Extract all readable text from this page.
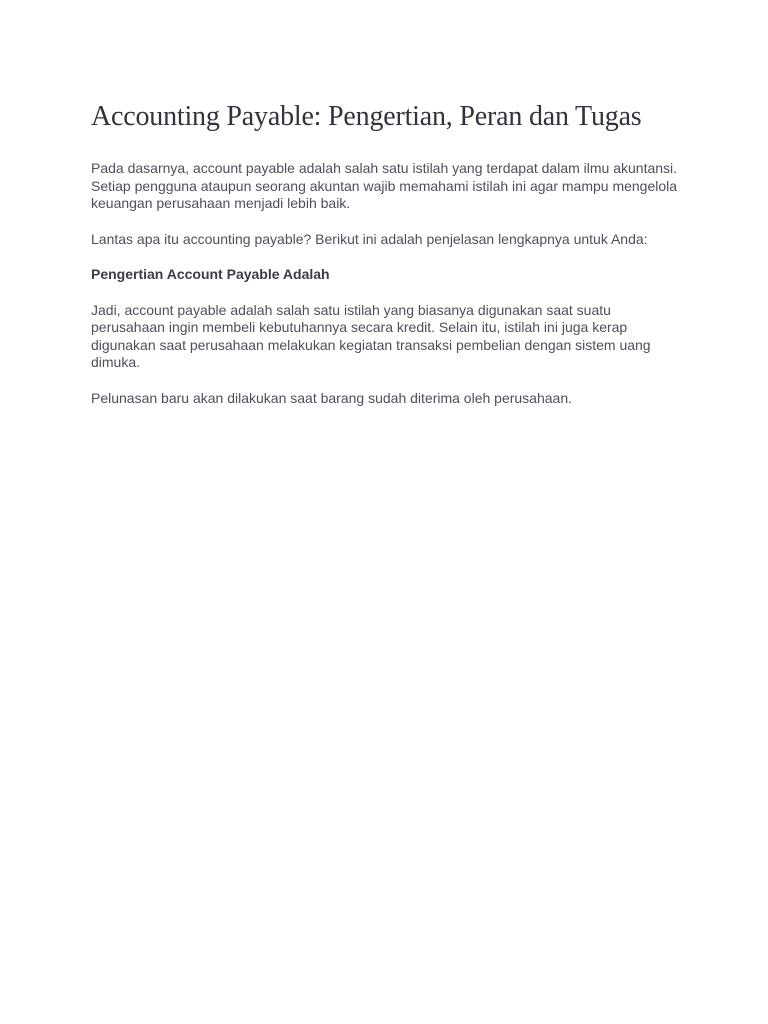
Accounting Payable: Pengertian, Peran dan Tugas

Pada dasarnya, account payable adalah salah satu istilah yang terdapat dalam ilmu akuntansi. Setiap pengguna ataupun seorang akuntan wajib memahami istilah ini agar mampu mengelola keuangan perusahaan menjadi lebih baik.

Lantas apa itu accounting payable? Berikut ini adalah penjelasan lengkapnya untuk Anda:

Pengertian Account Payable Adalah

Jadi, account payable adalah salah satu istilah yang biasanya digunakan saat suatu perusahaan ingin membeli kebutuhannya secara kredit. Selain itu, istilah ini juga kerap digunakan saat perusahaan melakukan kegiatan transaksi pembelian dengan sistem uang dimuka.

Pelunasan baru akan dilakukan saat barang sudah diterima oleh perusahaan.
